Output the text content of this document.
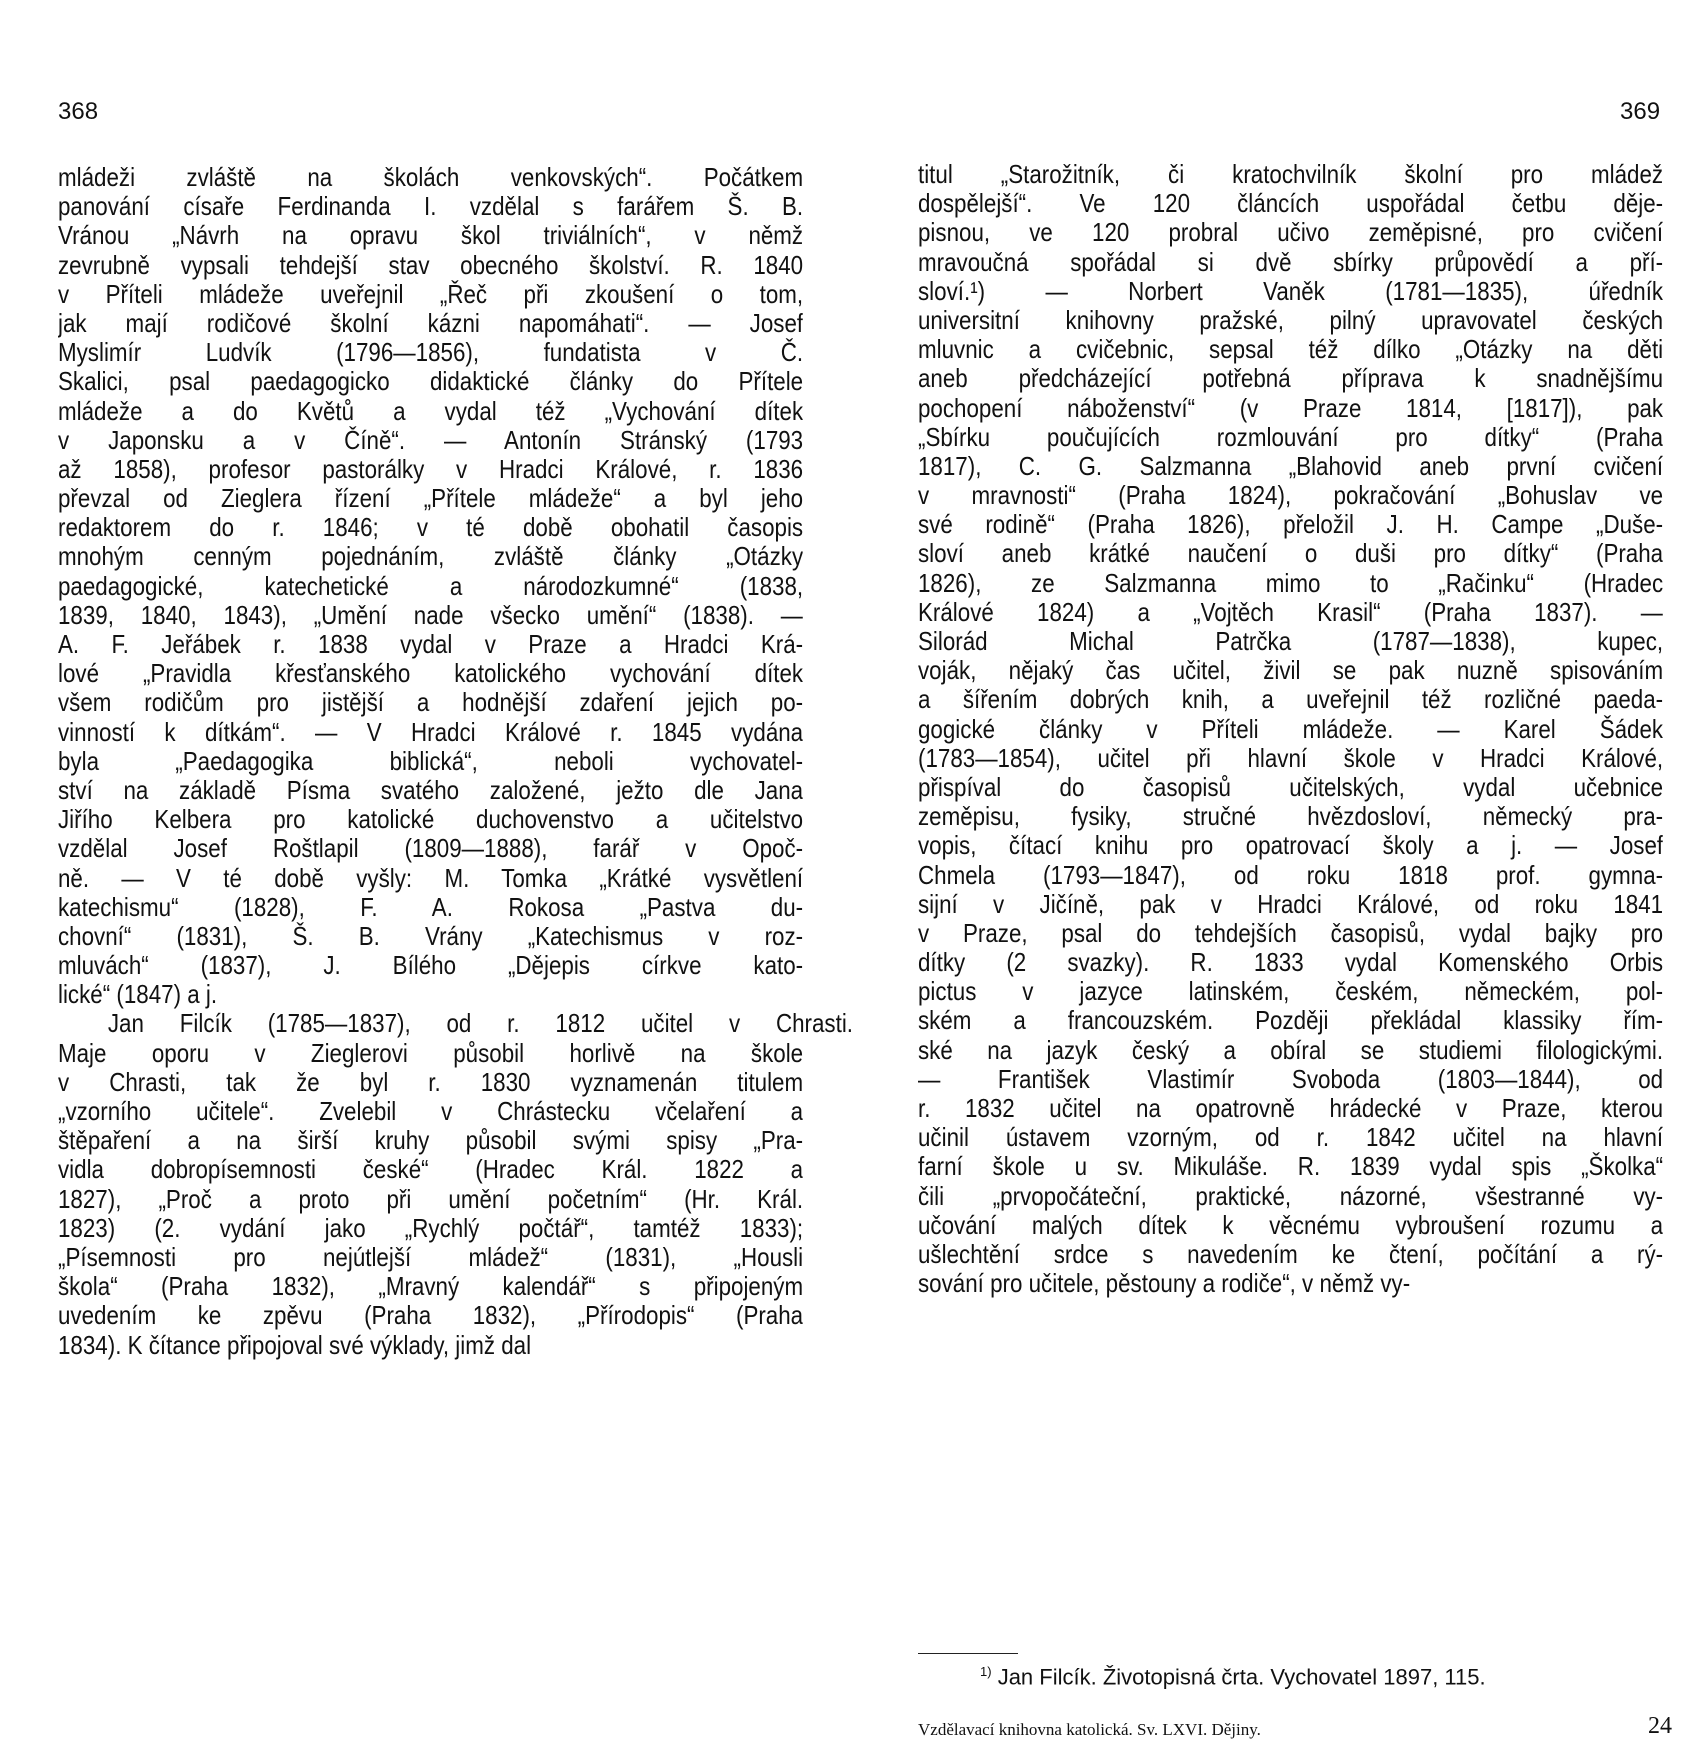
368	369
mládeži zvláště na školách venkovských“. Počátkem
panování císaře Ferdinanda I. vzdělal s farářem Š. B.
Vránou „Návrh na opravu škol triviálních“, v němž
zevrubně vypsali tehdejší stav obecného školství. R. 1840
v Příteli mládeže uveřejnil „Řeč při zkoušení o tom,
jak mají rodičové školní kázni napomáhati“. — Josef
Myslimír Ludvík (1796—1856), fundatista v Č.
Skalici, psal paedagogicko didaktické články do Přítele
mládeže a do Květů a vydal též „Vychování dítek
v Japonsku a v Číně“. — Antonín Stránský (1793
až 1858), profesor pastorálky v Hradci Králové, r. 1836
převzal od Zieglera řízení „Přítele mládeže“ a byl jeho
redaktorem do r. 1846; v té době obohatil časopis
mnohým cenným pojednáním, zvláště články „Otázky
paedagogické, katechetické a národozkumné“ (1838,
1839, 1840, 1843), „Umění nade všecko umění“ (1838). —
A. F. Jeřábek r. 1838 vydal v Praze a Hradci Krá-
lové „Pravidla křesťanského katolického vychování dítek
všem rodičům pro jistější a hodnější zdaření jejich po-
vinností k dítkám“. — V Hradci Králové r. 1845 vydána
byla „Paedagogika biblická“, neboli vychovatel-
ství na základě Písma svatého založené, ježto dle Jana
Jiřího Kelbera pro katolické duchovenstvo a učitelstvo
vzdělal Josef Roštlapil (1809—1888), farář v Opoč-
ně. — V té době vyšly: M. Tomka „Krátké vysvětlení
katechismu“ (1828), F. A. Rokosa „Pastva du-
chovní“ (1831), Š. B. Vrány „Katechismus v roz-
mluvách“ (1837), J. Bílého „Dějepis církve kato-
lické“ (1847) a j.
Jan Filcík (1785—1837), od r. 1812 učitel v Chrasti.
Maje oporu v Zieglerovi působil horlivě na škole
v Chrasti, tak že byl r. 1830 vyznamenán titulem
„vzorního učitele“. Zvelebil v Chrástecku včelaření a
štěpaření a na širší kruhy působil svými spisy „Pra-
vidla dobropísemnosti české“ (Hradec Král. 1822 a
1827), „Proč a proto při umění početním“ (Hr. Král.
1823) (2. vydání jako „Rychlý počtář“, tamtéž 1833);
„Písemnosti pro nejútlejší mládež“ (1831), „Housli
škola“ (Praha 1832), „Mravný kalendář“ s připojeným
uvedením ke zpěvu (Praha 1832), „Přírodopis“ (Praha
1834). K čítance připojoval své výklady, jimž dal
titul „Starožitník, či kratochvilník školní pro mládež
dospělejší“. Ve 120 článcích uspořádal četbu děje-
pisnou, ve 120 probral učivo zeměpisné, pro cvičení
mravoučná spořádal si dvě sbírky průpovědí a pří-
sloví.¹) — Norbert Vaněk (1781—1835), úředník
universitní knihovny pražské, pilný upravovatel českých
mluvnic a cvičebnic, sepsal též dílko „Otázky na děti
aneb předcházející potřebná příprava k snadnějšímu
pochopení náboženství“ (v Praze 1814, [1817]), pak
„Sbírku poučujících rozmlouvání pro dítky“ (Praha
1817), C. G. Salzmanna „Blahovid aneb první cvičení
v mravnosti“ (Praha 1824), pokračování „Bohuslav ve
své rodině“ (Praha 1826), přeložil J. H. Campe „Duše-
sloví aneb krátké naučení o duši pro dítky“ (Praha
1826), ze Salzmanna mimo to „Račinku“ (Hradec
Králové 1824) a „Vojtěch Krasil“ (Praha 1837). —
Silorád Michal Patrčka (1787—1838), kupec,
voják, nějaký čas učitel, živil se pak nuzně spisováním
a šířením dobrých knih, a uveřejnil též rozličné paeda-
gogické články v Příteli mládeže. — Karel Šádek
(1783—1854), učitel při hlavní škole v Hradci Králové,
přispíval do časopisů učitelských, vydal učebnice
zeměpisu, fysiky, stručné hvězdosloví, německý pra-
vopis, čítací knihu pro opatrovací školy a j. — Josef
Chmela (1793—1847), od roku 1818 prof. gymna-
sijní v Jičíně, pak v Hradci Králové, od roku 1841
v Praze, psal do tehdejších časopisů, vydal bajky pro
dítky (2 svazky). R. 1833 vydal Komenského Orbis
pictus v jazyce latinském, českém, německém, pol-
ském a francouzském. Později překládal klassiky řím-
ské na jazyk český a obíral se studiemi filologickými.
— František Vlastimír Svoboda (1803—1844), od
r. 1832 učitel na opatrovně hrádecké v Praze, kterou
učinil ústavem vzorným, od r. 1842 učitel na hlavní
farní škole u sv. Mikuláše. R. 1839 vydal spis „Školka“
čili „prvopočáteční, praktické, názorné, všestranné vy-
učování malých dítek k věcnému vybroušení rozumu a
ušlechtění srdce s navedením ke čtení, počítání a rý-
sování pro učitele, pěstouny a rodiče“, v němž vy-
$^{1)}$ Jan Filcík. Životopisná črta. Vychovatel 1897, 115.
Vzdělavací knihovna katolická. Sv. LXVI. Dějiny.	24
